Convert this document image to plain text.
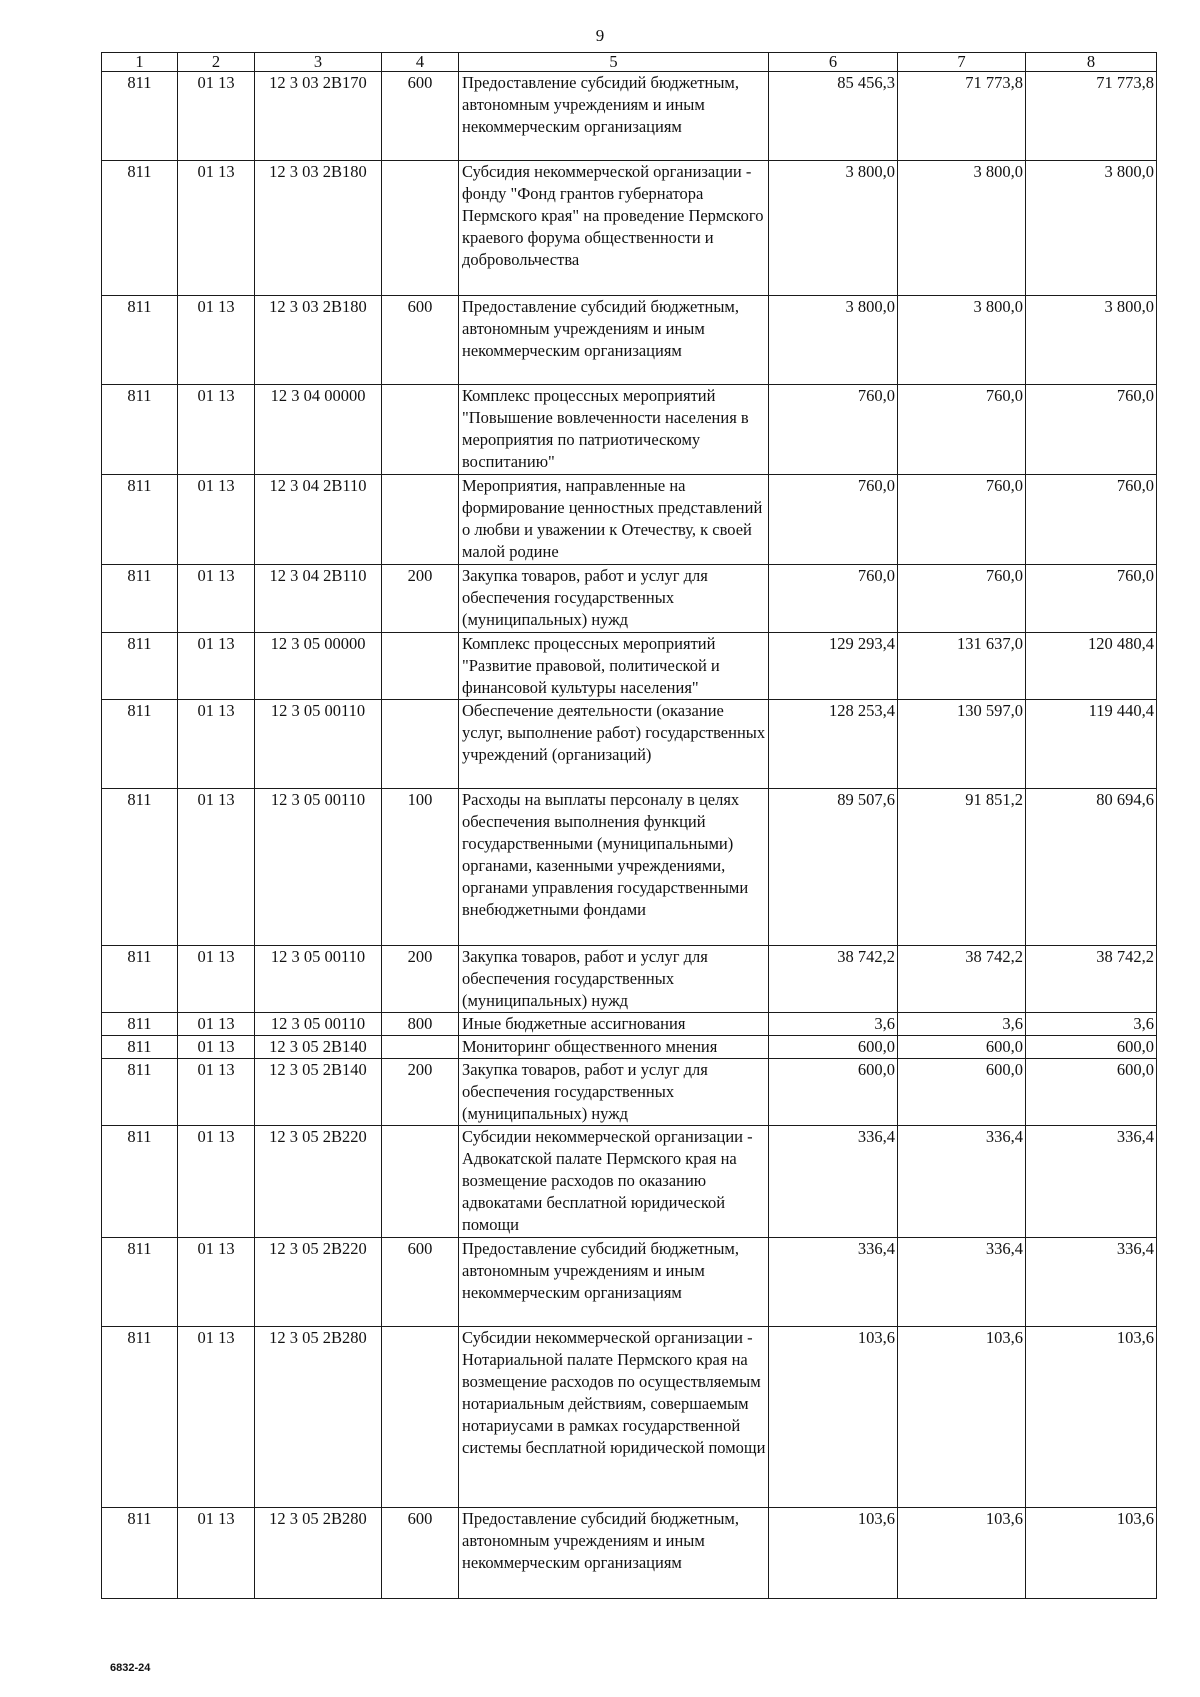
9
1	2	3	4	5	6	7	8
811	01 13	12 3 03 2В170	600	Предоставление субсидий бюджетным, автономным учреждениям и иным некоммерческим организациям	85 456,3	71 773,8	71 773,8
811	01 13	12 3 03 2В180		Субсидия некоммерческой организации - фонду "Фонд грантов губернатора Пермского края" на проведение Пермского краевого форума общественности и добровольчества	3 800,0	3 800,0	3 800,0
811	01 13	12 3 03 2В180	600	Предоставление субсидий бюджетным, автономным учреждениям и иным некоммерческим организациям	3 800,0	3 800,0	3 800,0
811	01 13	12 3 04 00000		Комплекс процессных мероприятий "Повышение вовлеченности населения в мероприятия по патриотическому воспитанию"	760,0	760,0	760,0
811	01 13	12 3 04 2В110		Мероприятия, направленные на формирование ценностных представлений о любви и уважении к Отечеству, к своей малой родине	760,0	760,0	760,0
811	01 13	12 3 04 2В110	200	Закупка товаров, работ и услуг для обеспечения государственных (муниципальных) нужд	760,0	760,0	760,0
811	01 13	12 3 05 00000		Комплекс процессных мероприятий "Развитие правовой, политической и финансовой культуры населения"	129 293,4	131 637,0	120 480,4
811	01 13	12 3 05 00110		Обеспечение деятельности (оказание услуг, выполнение работ) государственных учреждений (организаций)	128 253,4	130 597,0	119 440,4
811	01 13	12 3 05 00110	100	Расходы на выплаты персоналу в целях обеспечения выполнения функций государственными (муниципальными) органами, казенными учреждениями, органами управления государственными внебюджетными фондами	89 507,6	91 851,2	80 694,6
811	01 13	12 3 05 00110	200	Закупка товаров, работ и услуг для обеспечения государственных (муниципальных) нужд	38 742,2	38 742,2	38 742,2
811	01 13	12 3 05 00110	800	Иные бюджетные ассигнования	3,6	3,6	3,6
811	01 13	12 3 05 2В140		Мониторинг общественного мнения	600,0	600,0	600,0
811	01 13	12 3 05 2В140	200	Закупка товаров, работ и услуг для обеспечения государственных (муниципальных) нужд	600,0	600,0	600,0
811	01 13	12 3 05 2В220		Субсидии некоммерческой организации - Адвокатской палате Пермского края на возмещение расходов по оказанию адвокатами бесплатной юридической помощи	336,4	336,4	336,4
811	01 13	12 3 05 2В220	600	Предоставление субсидий бюджетным, автономным учреждениям и иным некоммерческим организациям	336,4	336,4	336,4
811	01 13	12 3 05 2В280		Субсидии некоммерческой организации - Нотариальной палате Пермского края на возмещение расходов по осуществляемым нотариальным действиям, совершаемым нотариусами в рамках государственной системы бесплатной юридической помощи	103,6	103,6	103,6
811	01 13	12 3 05 2В280	600	Предоставление субсидий бюджетным, автономным учреждениям и иным некоммерческим организациям	103,6	103,6	103,6
6832-24
